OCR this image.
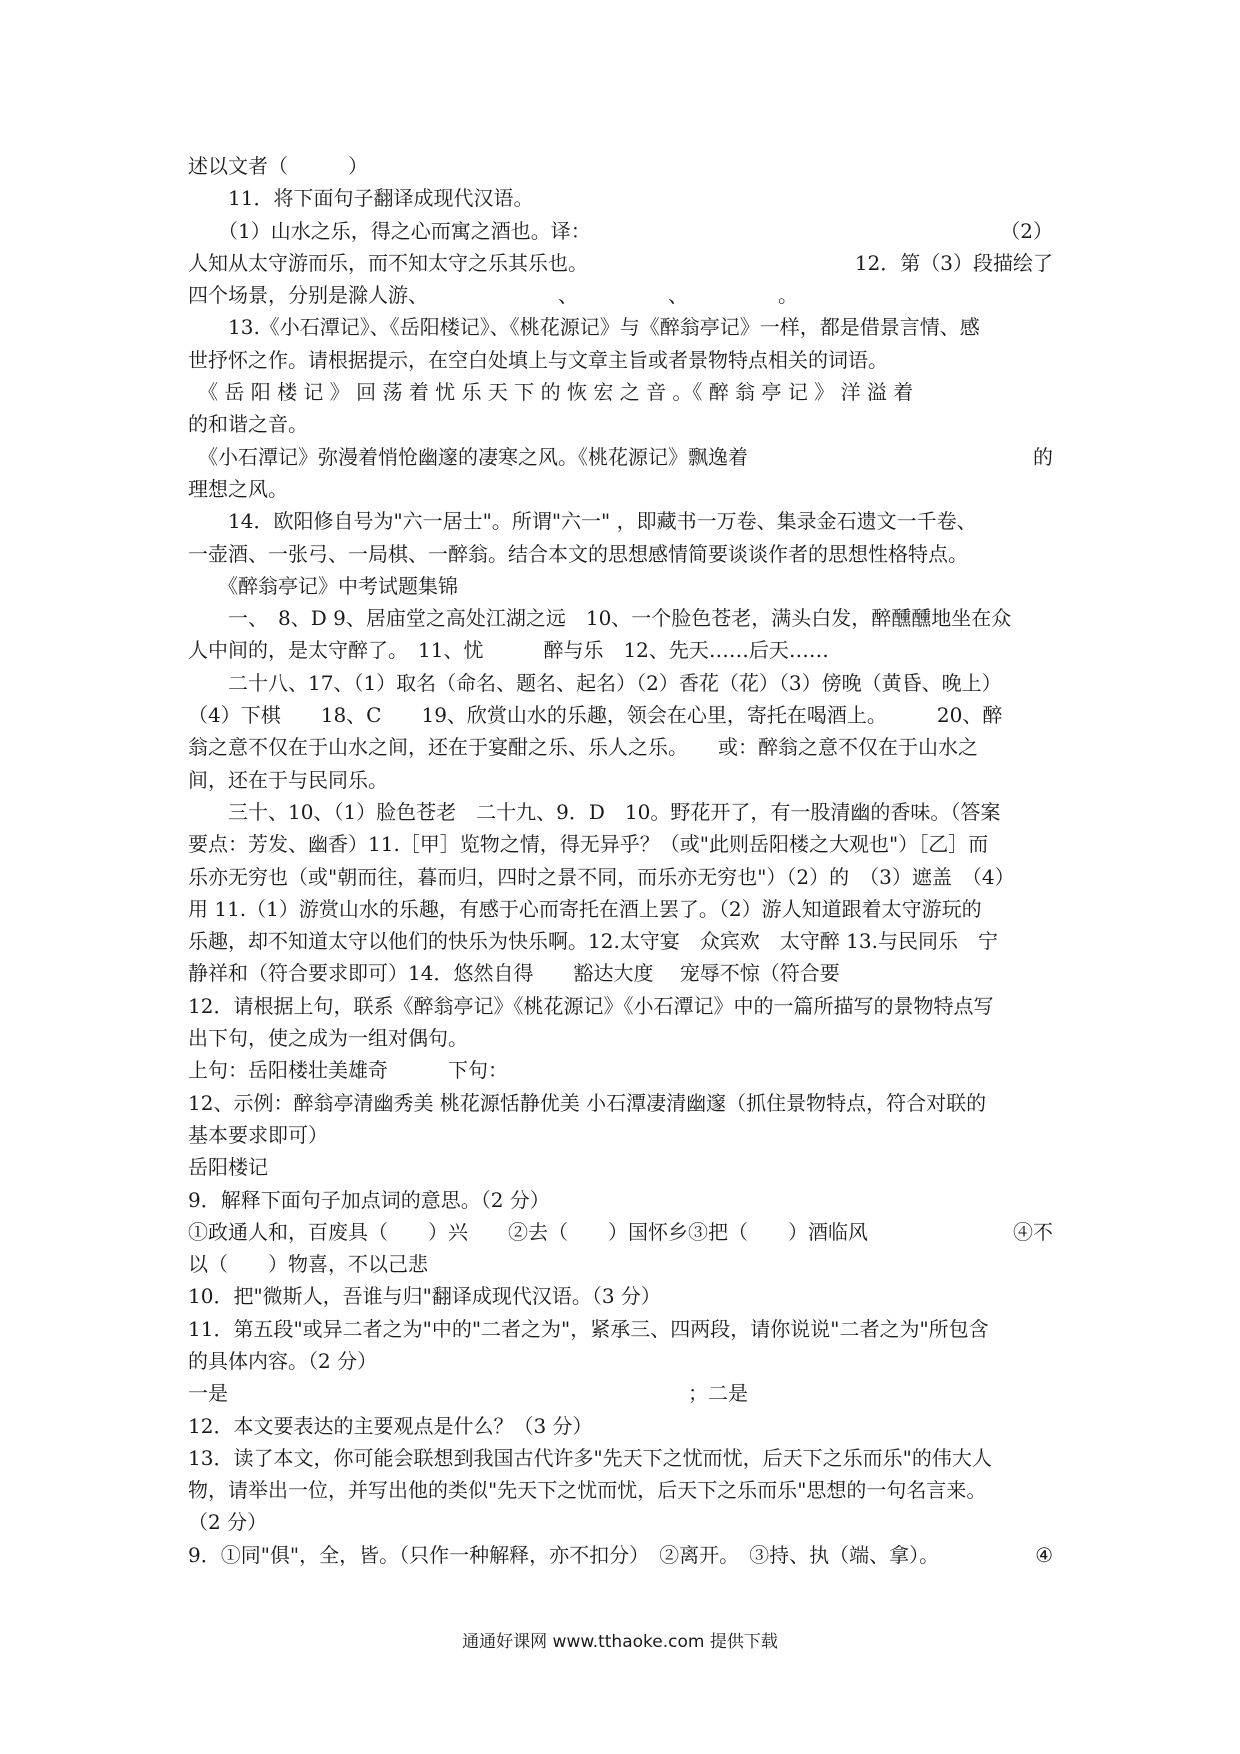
述以文者（　　　）
　　11．将下面句子翻译成现代汉语。
　　（1）山水之乐，得之心而寓之酒也。译：	（2）
人知从太守游而乐，而不知太守之乐其乐也。	12．第（3）段描绘了
四个场景，分别是滁人游、　　　　　　　、　　　　　、　　　　　。
　　13.《小石潭记》、《岳阳楼记》、《桃花源记》与《醉翁亭记》一样，都是借景言情、感
世抒怀之作。请根据提示，在空白处填上与文章主旨或者景物特点相关的词语。
　《 岳 阳 楼 记 》 回 荡 着 忧 乐 天 下 的 恢 宏 之 音 。《 醉 翁 亭 记 》 洋 溢 着
的和谐之音。
　《小石潭记》弥漫着悄怆幽邃的凄寒之风。《桃花源记》飘逸着	的
理想之风。
　　14．欧阳修自号为"六一居士"。所谓"六一" ，即藏书一万卷、集录金石遗文一千卷、
一壶酒、一张弓、一局棋、一醉翁。结合本文的思想感情简要谈谈作者的思想性格特点。
　　《醉翁亭记》中考试题集锦
　　一、　8、D 9、居庙堂之高处江湖之远　10、一个脸色苍老，满头白发，醉醺醺地坐在众
人中间的，是太守醉了。　11、忧　　　醉与乐　12、先天……后天……
　　二十八、17、（1）取名（命名、题名、起名）（2）香花（花）（3）傍晚（黄昏、晚上）
（4）下棋　　18、C　　19、欣赏山水的乐趣，领会在心里，寄托在喝酒上。　　　20、醉
翁之意不仅在于山水之间，还在于宴酣之乐、乐人之乐。　　或：醉翁之意不仅在于山水之
间，还在于与民同乐。
　　三十、10、（1）脸色苍老　二十九、9．D　10。野花开了，有一股清幽的香味。（答案
要点：芳发、幽香）11.［甲］览物之情，得无异乎？（或"此则岳阳楼之大观也"）［乙］而
乐亦无穷也（或"朝而往，暮而归，四时之景不同，而乐亦无穷也"）（2）的　（3）遮盖　（4）
用 11.（1）游赏山水的乐趣，有感于心而寄托在酒上罢了。（2）游人知道跟着太守游玩的
乐趣，却不知道太守以他们的快乐为快乐啊。12.太守宴　众宾欢　太守醉 13.与民同乐　宁
静祥和（符合要求即可）14．悠然自得　　豁达大度　 宠辱不惊（符合要
12．请根据上句，联系《醉翁亭记》《桃花源记》《小石潭记》中的一篇所描写的景物特点写
出下句，使之成为一组对偶句。
上句：岳阳楼壮美雄奇　　　下句：
12、示例：醉翁亭清幽秀美 桃花源恬静优美 小石潭凄清幽邃（抓住景物特点，符合对联的
基本要求即可）
岳阳楼记
9．解释下面句子加点词的意思。（2 分）
①政通人和，百废具（　　）兴　　②去（　　）国怀乡③把（　　）酒临风	④不
以（　　）物喜，不以己悲
10．把"微斯人，吾谁与归"翻译成现代汉语。（3 分）
11．第五段"或异二者之为"中的"二者之为"，紧承三、四两段，请你说说"二者之为"所包含
的具体内容。（2 分）
一是　　　　　　　　　　　　　　　　　　　　　　　；二是
12．本文要表达的主要观点是什么？（3 分）
13．读了本文，你可能会联想到我国古代许多"先天下之忧而忧，后天下之乐而乐"的伟大人
物，请举出一位，并写出他的类似"先天下之忧而忧，后天下之乐而乐"思想的一句名言来。
（2 分）
9．①同"俱"，全，皆。（只作一种解释，亦不扣分）　②离开。　③持、执（端、拿）。	④
通通好课网 www.tthaoke.com 提供下载
